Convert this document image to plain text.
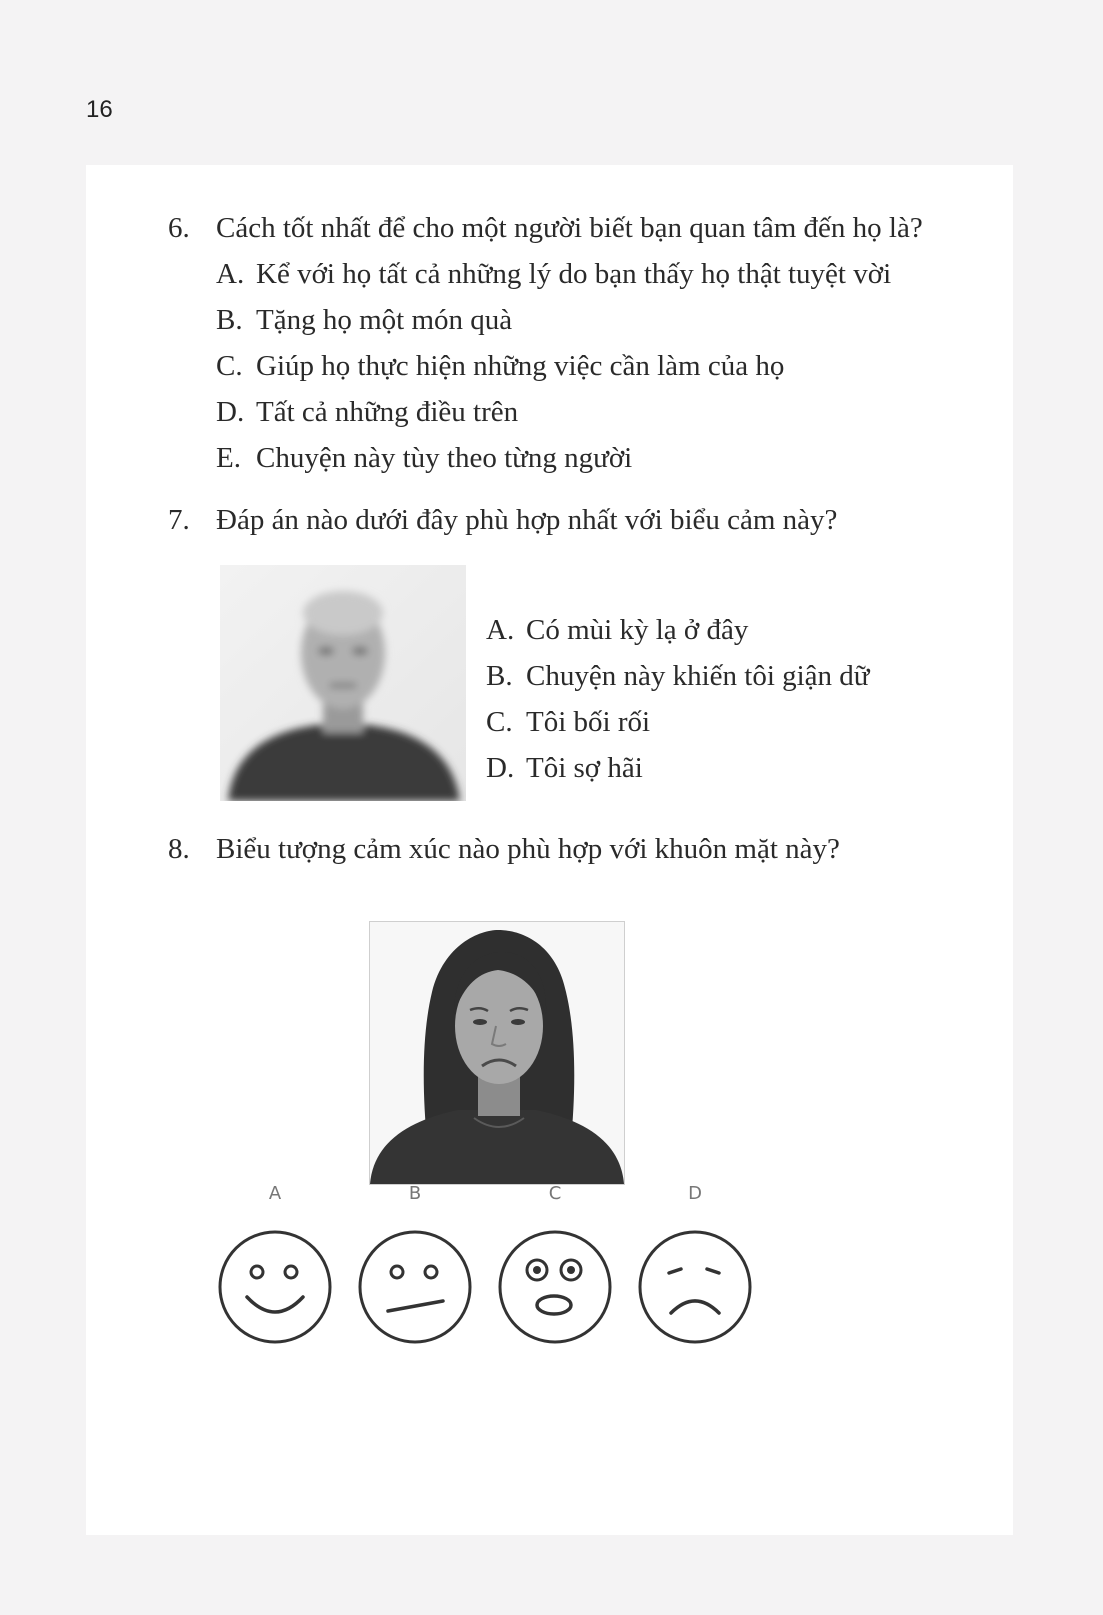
16
6. Cách tốt nhất để cho một người biết bạn quan tâm đến họ là?
A. Kể với họ tất cả những lý do bạn thấy họ thật tuyệt vời
B. Tặng họ một món quà
C. Giúp họ thực hiện những việc cần làm của họ
D. Tất cả những điều trên
E. Chuyện này tùy theo từng người
7. Đáp án nào dưới đây phù hợp nhất với biểu cảm này?
A. Có mùi kỳ lạ ở đây
B. Chuyện này khiến tôi giận dữ
C. Tôi bối rối
D. Tôi sợ hãi
8. Biểu tượng cảm xúc nào phù hợp với khuôn mặt này?
A	B	C	D
